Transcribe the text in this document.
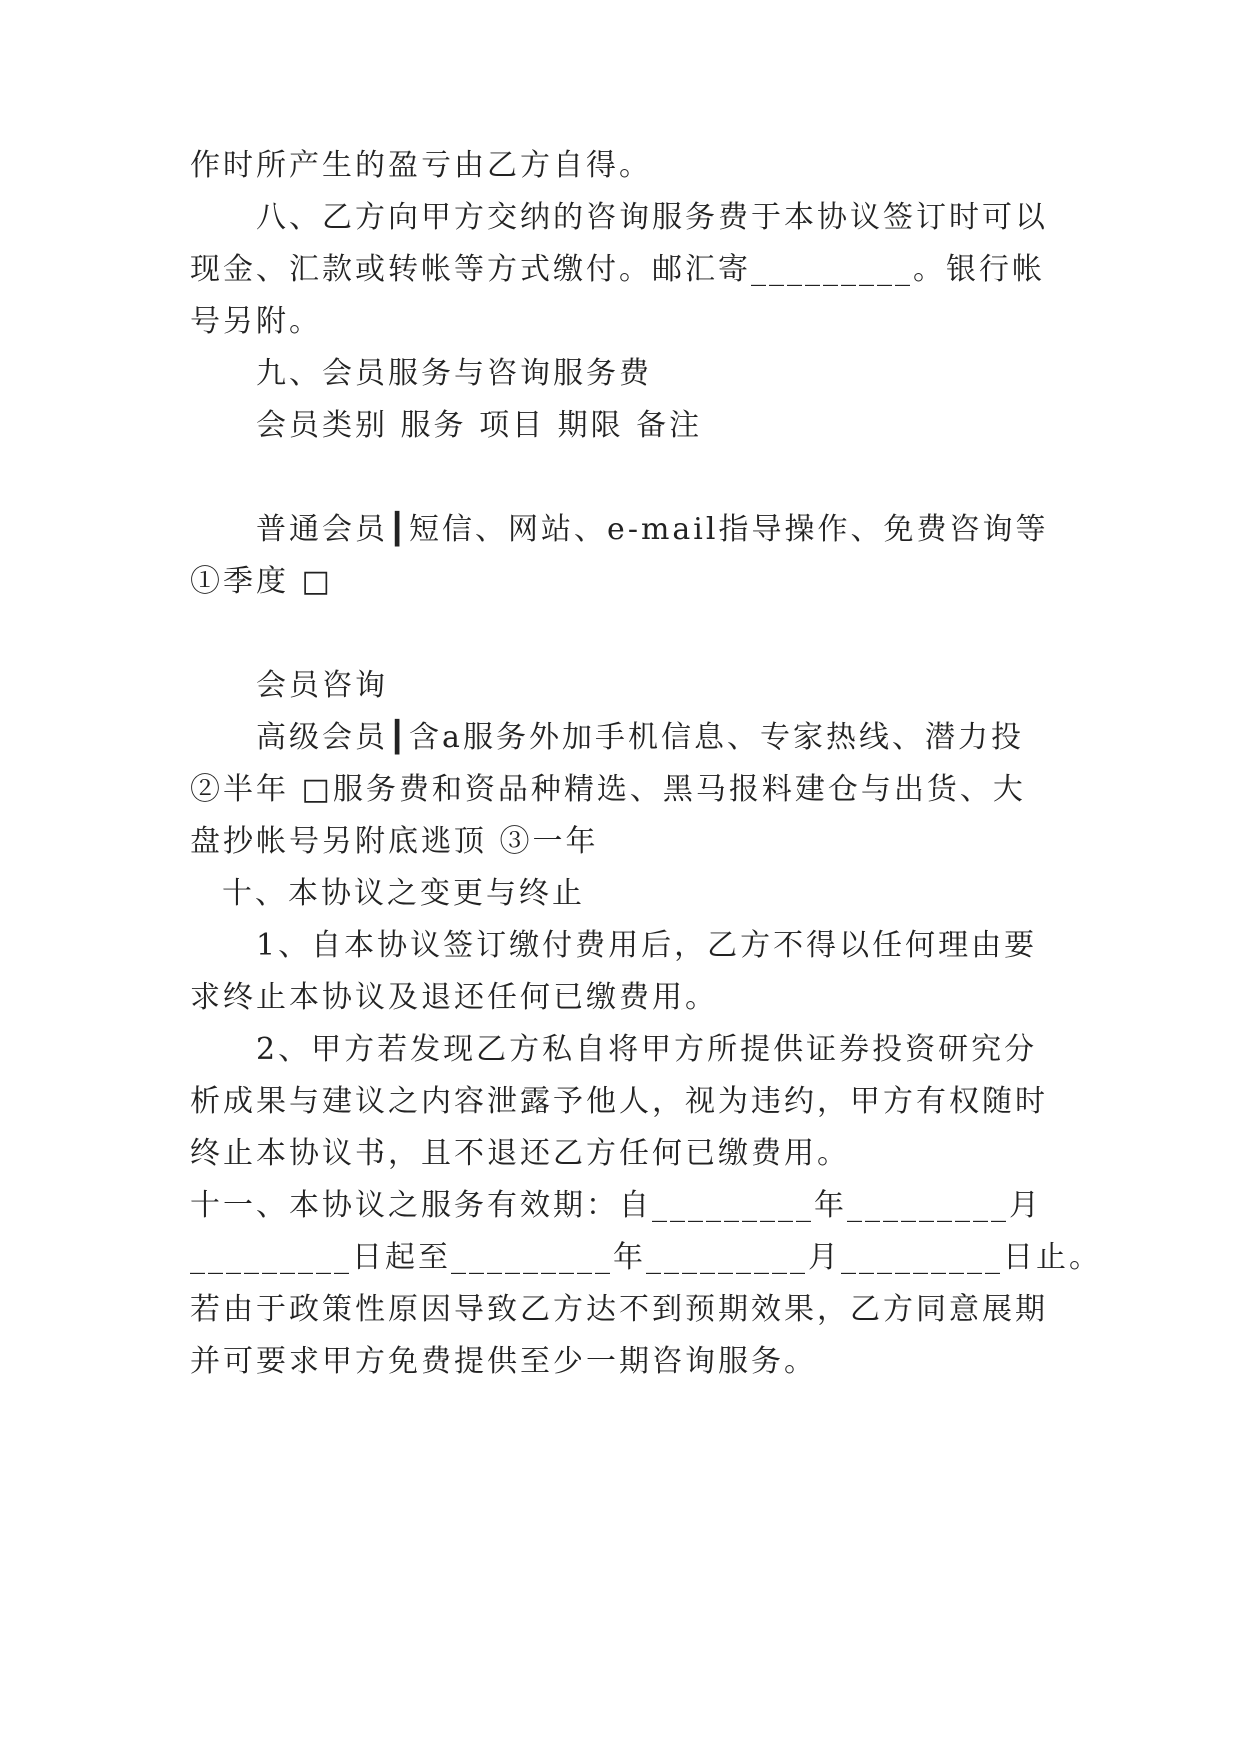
作时所产生的盈亏由乙方自得。
八、乙方向甲方交纳的咨询服务费于本协议签订时可以
现金、汇款或转帐等方式缴付。邮汇寄_________。银行帐
号另附。
九、会员服务与咨询服务费
会员类别 服务 项目 期限 备注
普通会员┃短信、网站、e-mail指导操作、免费咨询等
①季度 □
会员咨询
高级会员┃含a服务外加手机信息、专家热线、潜力投
②半年 □服务费和资品种精选、黑马报料建仓与出货、大
盘抄帐号另附底逃顶 ③一年
十、本协议之变更与终止
1、自本协议签订缴付费用后，乙方不得以任何理由要
求终止本协议及退还任何已缴费用。
2、甲方若发现乙方私自将甲方所提供证券投资研究分
析成果与建议之内容泄露予他人，视为违约，甲方有权随时
终止本协议书，且不退还乙方任何已缴费用。
十一、本协议之服务有效期：自_________年_________月
_________日起至_________年_________月_________日止。
若由于政策性原因导致乙方达不到预期效果，乙方同意展期
并可要求甲方免费提供至少一期咨询服务。
